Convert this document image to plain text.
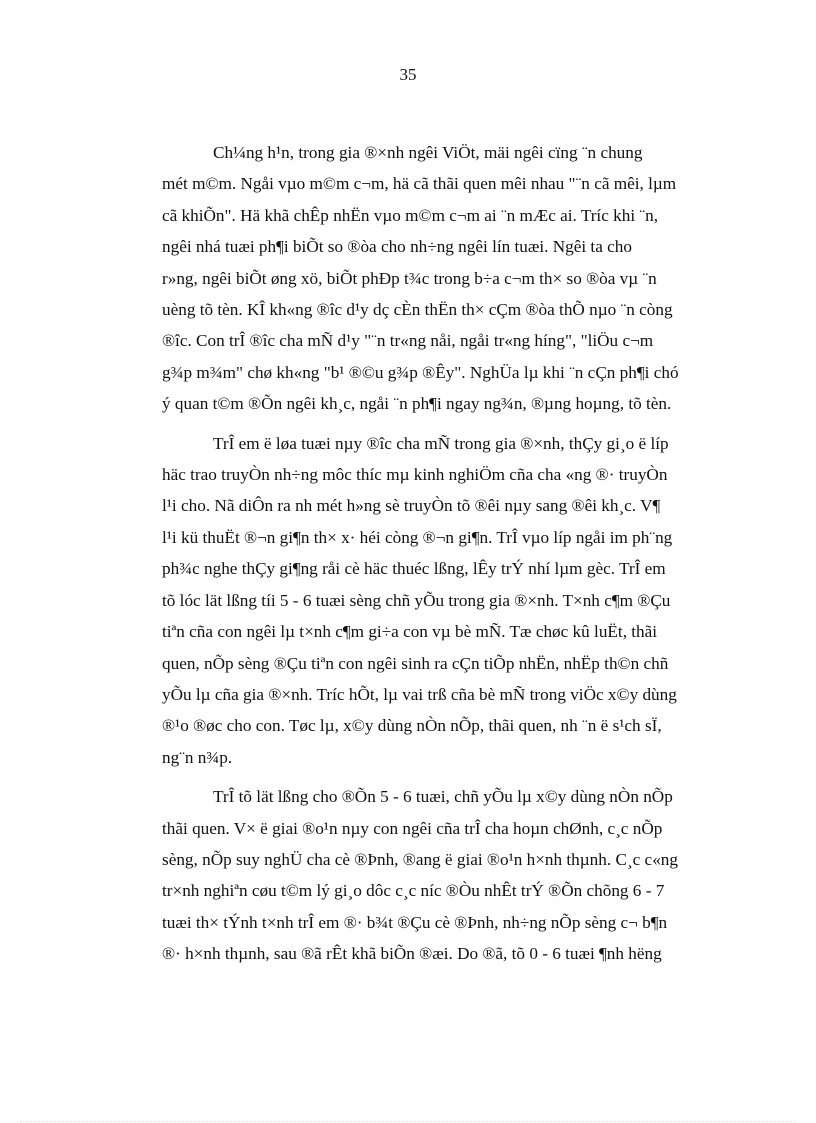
35
Ch¼ng h¹n, trong gia ®×nh ngêi ViÖt, mäi ngêi cïng ¨n chung
mét m©m. Ngåi vµo m©m c¬m, hä cã thãi quen mêi nhau "¨n cã mêi, lµm
cã khiÕn". Hä khã chÊp nhËn vµo m©m c¬m ai ¨n mÆc ai. Tríc khi ¨n,
ngêi nhá tuæi ph¶i biÕt so ®òa cho nh÷ng ngêi lín tuæi. Ngêi ta cho
r»ng, ngêi biÕt øng xö, biÕt phÐp t¾c trong b÷a c¬m th× so ®òa vµ ¨n
uèng tõ tèn. KÎ kh«ng ®îc d¹y dç cÈn thËn th× cÇm ®òa thÕ nµo ¨n còng
®îc. Con trÎ ®îc cha mÑ d¹y "¨n tr«ng nåi, ngåi tr«ng híng", "liÖu c¬m
g¾p m¾m" chø kh«ng "b¹ ®©u g¾p ®Êy". NghÜa lµ khi ¨n cÇn ph¶i chó
ý quan t©m ®Õn ngêi kh¸c, ngåi ¨n ph¶i ngay ng¾n, ®µng hoµng, tõ tèn.
TrÎ em ë løa tuæi nµy ®îc cha mÑ trong gia ®×nh, thÇy gi¸o ë líp
häc trao truyÒn nh÷ng môc thíc mµ kinh nghiÖm cña cha «ng ®· truyÒn
l¹i cho. Nã diÔn ra nh mét h»ng sè truyÒn tõ ®êi nµy sang ®êi kh¸c. V¶
l¹i kü thuËt ®¬n gi¶n th× x· héi còng ®¬n gi¶n. TrÎ vµo líp ngåi im ph¨ng
ph¾c nghe thÇy gi¶ng råi cè häc thuéc lßng, lÊy trÝ nhí lµm gèc. TrÎ em
tõ lóc lät lßng tíi 5 - 6 tuæi sèng chñ yÕu trong gia ®×nh. T×nh c¶m ®Çu
tiªn cña con ngêi lµ t×nh c¶m gi÷a con vµ bè mÑ. Tæ chøc kû luËt, thãi
quen, nÕp sèng ®Çu tiªn con ngêi sinh ra cÇn tiÕp nhËn, nhËp th©n chñ
yÕu lµ cña gia ®×nh. Tríc hÕt, lµ vai trß cña bè mÑ trong viÖc x©y dùng
®¹o ®øc cho con. Tøc lµ, x©y dùng nÒn nÕp, thãi quen, nh ¨n ë s¹ch sÏ,
ng¨n n¾p.
TrÎ tõ lät lßng cho ®Õn 5 - 6 tuæi, chñ yÕu lµ x©y dùng nÒn nÕp
thãi quen. V× ë giai ®o¹n nµy con ngêi cña trÎ cha hoµn chØnh, c¸c nÕp
sèng, nÕp suy nghÜ cha cè ®Þnh, ®ang ë giai ®o¹n h×nh thµnh. C¸c c«ng
tr×nh nghiªn cøu t©m lý gi¸o dôc c¸c níc ®Òu nhÊt trÝ ®Õn chõng 6 - 7
tuæi th× tÝnh t×nh trÎ em ®· b¾t ®Çu cè ®Þnh, nh÷ng nÕp sèng c¬ b¶n
®· h×nh thµnh, sau ®ã rÊt khã biÕn ®æi. Do ®ã, tõ 0 - 6 tuæi ¶nh hëng
